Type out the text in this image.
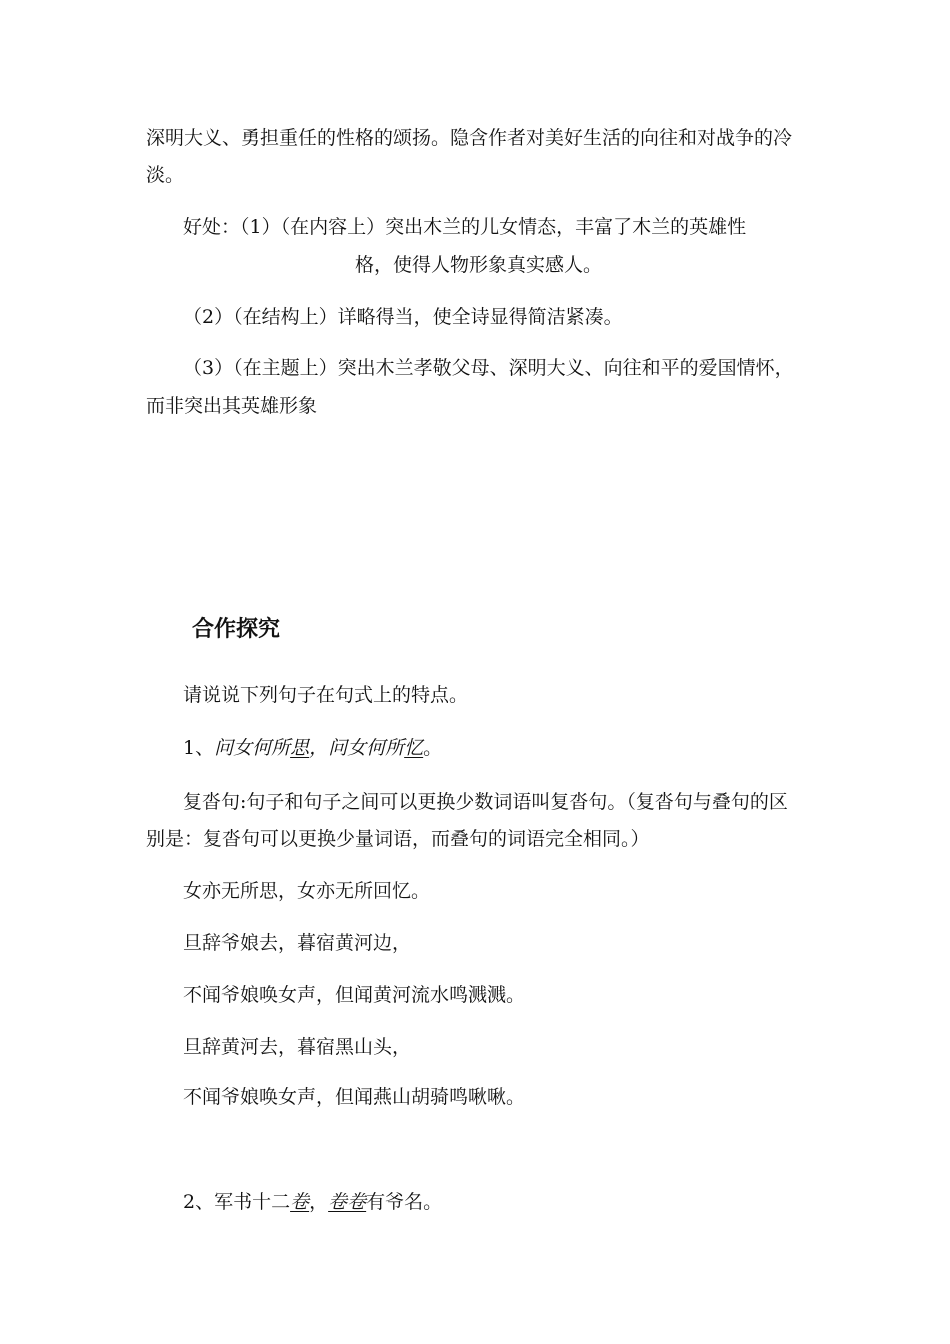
深明大义、勇担重任的性格的颂扬。隐含作者对美好生活的向往和对战争的冷
淡。
好处：（1）（在内容上）突出木兰的儿女情态，丰富了木兰的英雄性
格，使得人物形象真实感人。
（2）（在结构上）详略得当，使全诗显得简洁紧凑。
（3）（在主题上）突出木兰孝敬父母、深明大义、向往和平的爱国情怀，
而非突出其英雄形象
合作探究
请说说下列句子在句式上的特点。
1、问女何所思，问女何所忆。
复沓句:句子和句子之间可以更换少数词语叫复沓句。（复沓句与叠句的区
别是：复沓句可以更换少量词语，而叠句的词语完全相同。）
女亦无所思，女亦无所回忆。
旦辞爷娘去，暮宿黄河边，
不闻爷娘唤女声，但闻黄河流水鸣溅溅。
旦辞黄河去，暮宿黑山头，
不闻爷娘唤女声，但闻燕山胡骑鸣啾啾。
2、军书十二卷，卷卷有爷名。
